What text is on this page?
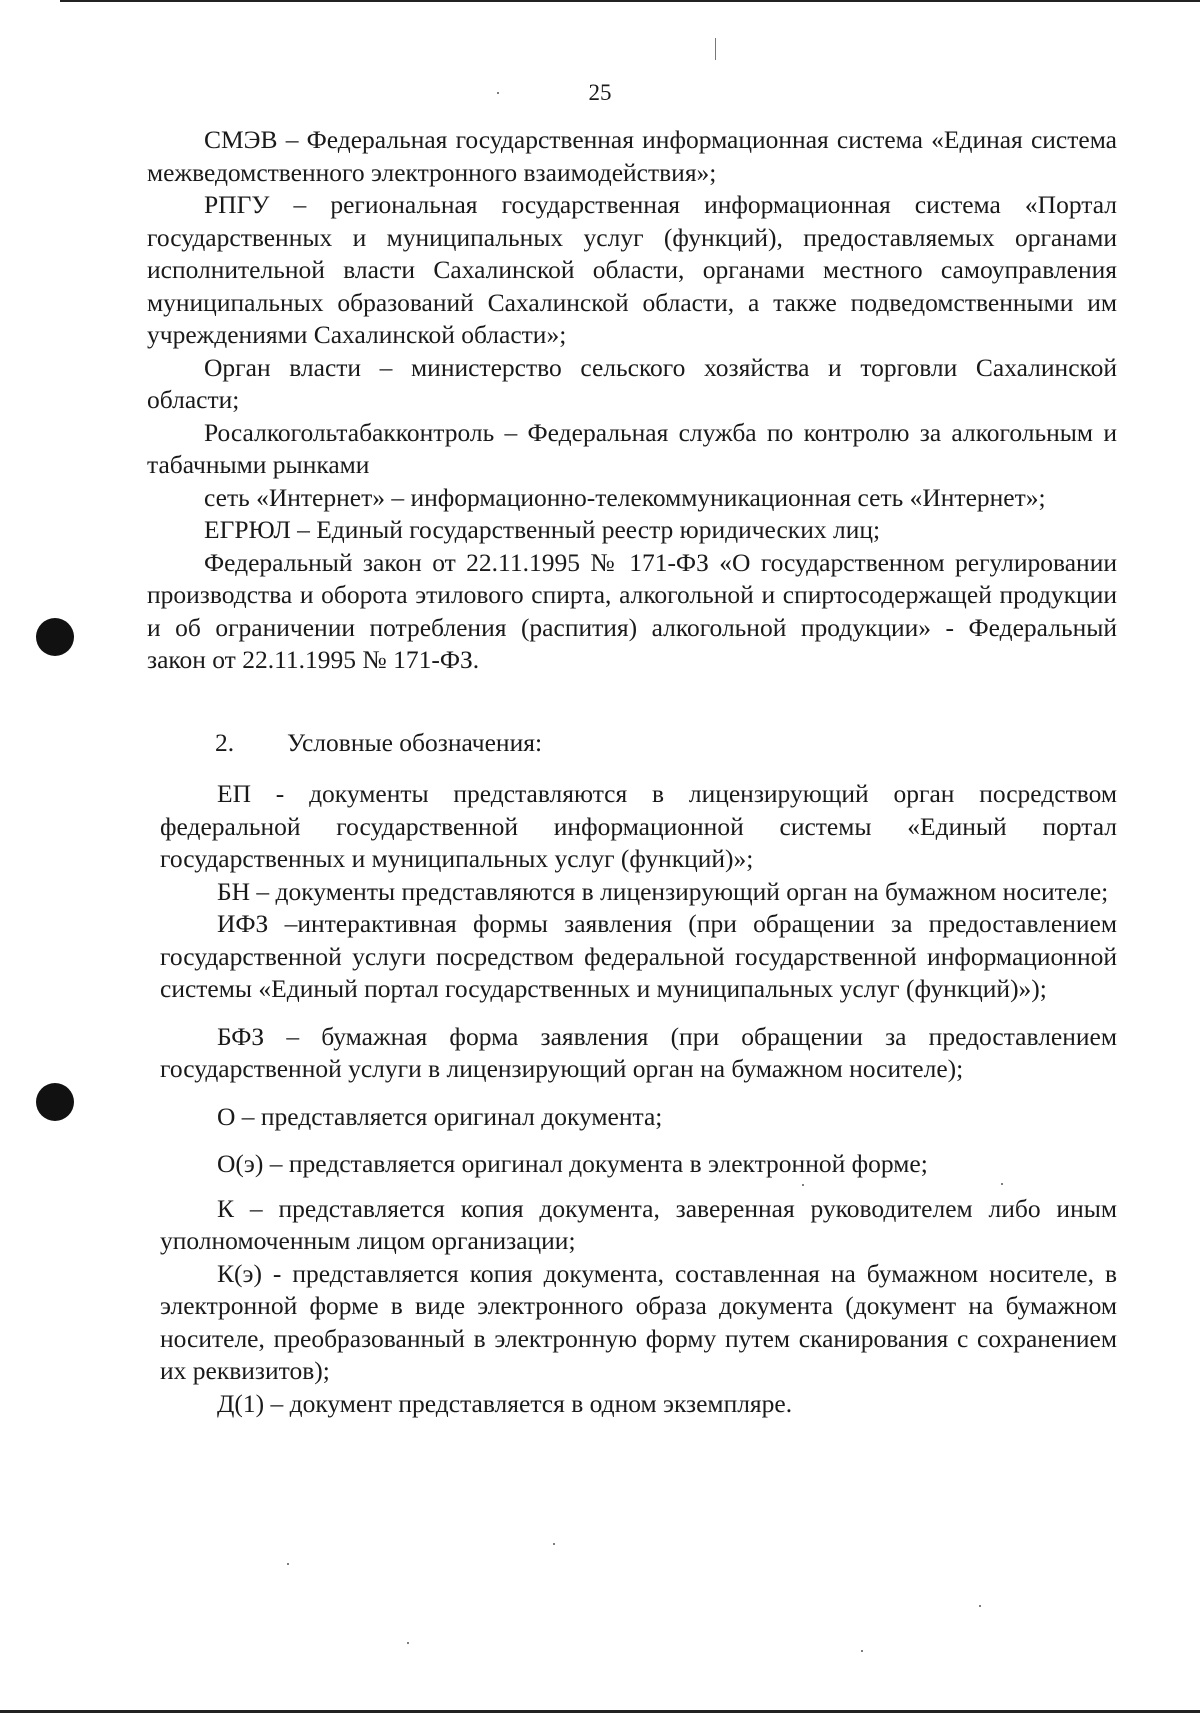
25

СМЭВ – Федеральная государственная информационная система «Единая система межведомственного электронного взаимодействия»;

РПГУ – региональная государственная информационная система «Портал государственных и муниципальных услуг (функций), предоставляемых органами исполнительной власти Сахалинской области, органами местного самоуправления муниципальных образований Сахалинской области, а также подведомственными им учреждениями Сахалинской области»;

Орган власти – министерство сельского хозяйства и торговли Сахалинской области;

Росалкогольтабакконтроль – Федеральная служба по контролю за алкогольным и табачными рынками

сеть «Интернет» – информационно-телекоммуникационная сеть «Интернет»;

ЕГРЮЛ – Единый государственный реестр юридических лиц;

Федеральный закон от 22.11.1995 № 171-ФЗ «О государственном регулировании производства и оборота этилового спирта, алкогольной и спиртосодержащей продукции и об ограничении потребления (распития) алкогольной продукции» - Федеральный закон от 22.11.1995 № 171-ФЗ.

2. Условные обозначения:

ЕП - документы представляются в лицензирующий орган посредством федеральной государственной информационной системы «Единый портал государственных и муниципальных услуг (функций)»;

БН – документы представляются в лицензирующий орган на бумажном носителе;

ИФЗ –интерактивная формы заявления (при обращении за предоставлением государственной услуги посредством федеральной государственной информационной системы «Единый портал государственных и муниципальных услуг (функций)»);

БФЗ – бумажная форма заявления (при обращении за предоставлением государственной услуги в лицензирующий орган на бумажном носителе);

О – представляется оригинал документа;

О(э) – представляется оригинал документа в электронной форме;

К – представляется копия документа, заверенная руководителем либо иным уполномоченным лицом организации;

К(э) - представляется копия документа, составленная на бумажном носителе, в электронной форме в виде электронного образа документа (документ на бумажном носителе, преобразованный в электронную форму путем сканирования с сохранением их реквизитов);

Д(1) – документ представляется в одном экземпляре.
